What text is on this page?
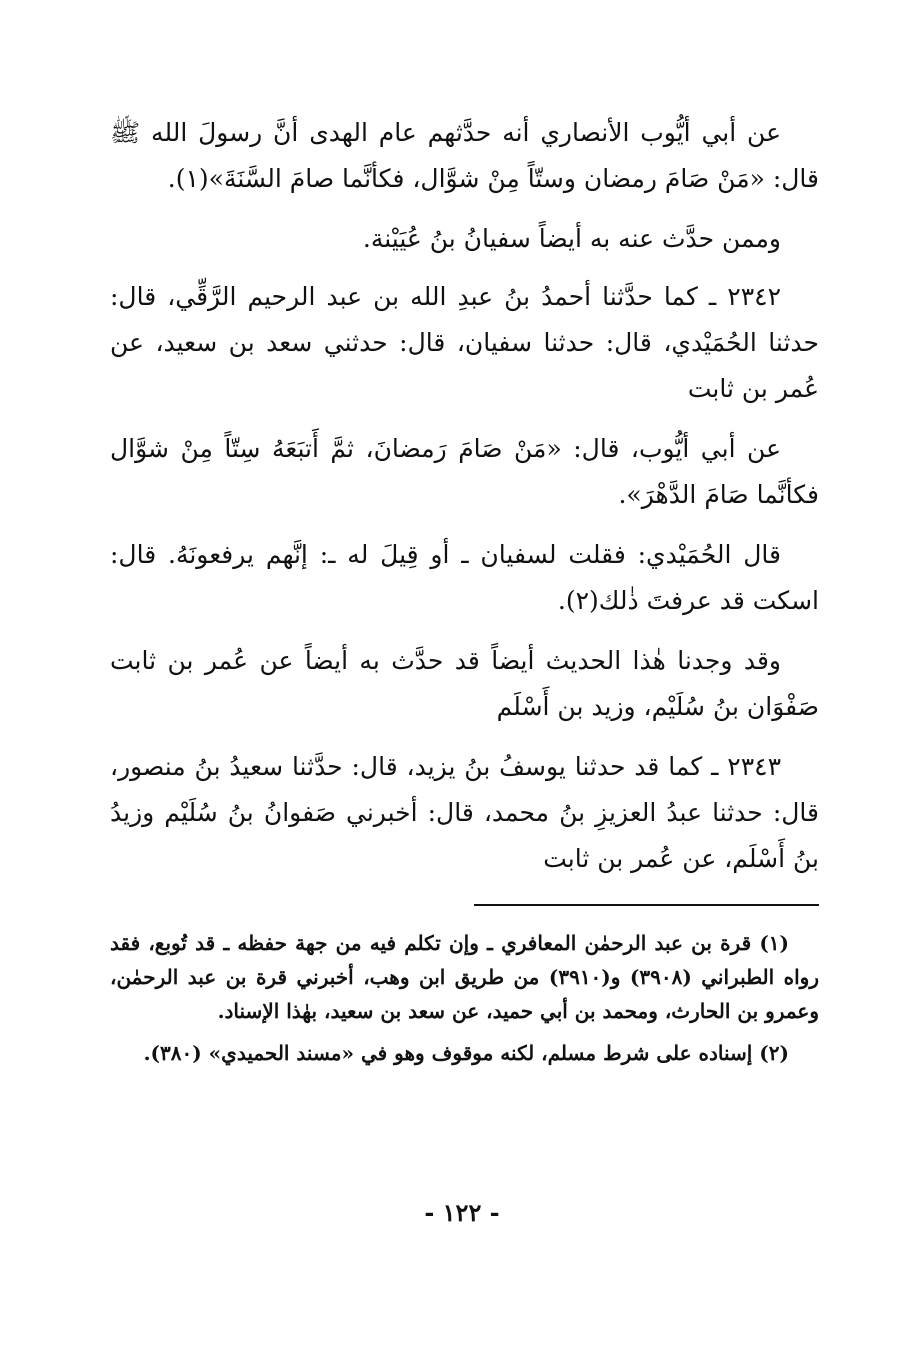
عن أبي أيُّوب الأنصاري أنه حدَّثهم عام الهدى أنَّ رسولَ الله ﷺ قال: «مَنْ صَامَ رمضان وستّاً مِنْ شوَّال، فكأنَّما صامَ السَّنَةَ»(١).

وممن حدَّث عنه به أيضاً سفيانُ بنُ عُيَيْنة.

٢٣٤٢ ـ كما حدَّثنا أحمدُ بنُ عبدِ الله بن عبد الرحيم الرَّقِّي، قال: حدثنا الحُمَيْدي، قال: حدثنا سفيان، قال: حدثني سعد بن سعيد، عن عُمر بن ثابت

عن أبي أيُّوب، قال: «مَنْ صَامَ رَمضانَ، ثمَّ أَتبَعَهُ سِتّاً مِنْ شوَّال فكأنَّما صَامَ الدَّهْرَ».

قال الحُمَيْدي: فقلت لسفيان ـ أو قِيلَ له ـ: إنَّهم يرفعونَهُ. قال: اسكت قد عرفتَ ذٰلك(٢).

وقد وجدنا هٰذا الحديث أيضاً قد حدَّث به أيضاً عن عُمر بن ثابت صَفْوَان بنُ سُلَيْم، وزيد بن أَسْلَم

٢٣٤٣ ـ كما قد حدثنا يوسفُ بنُ يزيد، قال: حدَّثنا سعيدُ بنُ منصور، قال: حدثنا عبدُ العزيزِ بنُ محمد، قال: أخبرني صَفوانُ بنُ سُلَيْم وزيدُ بنُ أَسْلَم، عن عُمر بن ثابت

(١) قرة بن عبد الرحمٰن المعافري ـ وإن تكلم فيه من جهة حفظه ـ قد تُوبع، فقد رواه الطبراني (٣٩٠٨) و(٣٩١٠) من طريق ابن وهب، أخبرني قرة بن عبد الرحمٰن، وعمرو بن الحارث، ومحمد بن أبي حميد، عن سعد بن سعيد، بهٰذا الإسناد.

(٢) إسناده على شرط مسلم، لكنه موقوف وهو في «مسند الحميدي» (٣٨٠).

- ١٢٢ -
